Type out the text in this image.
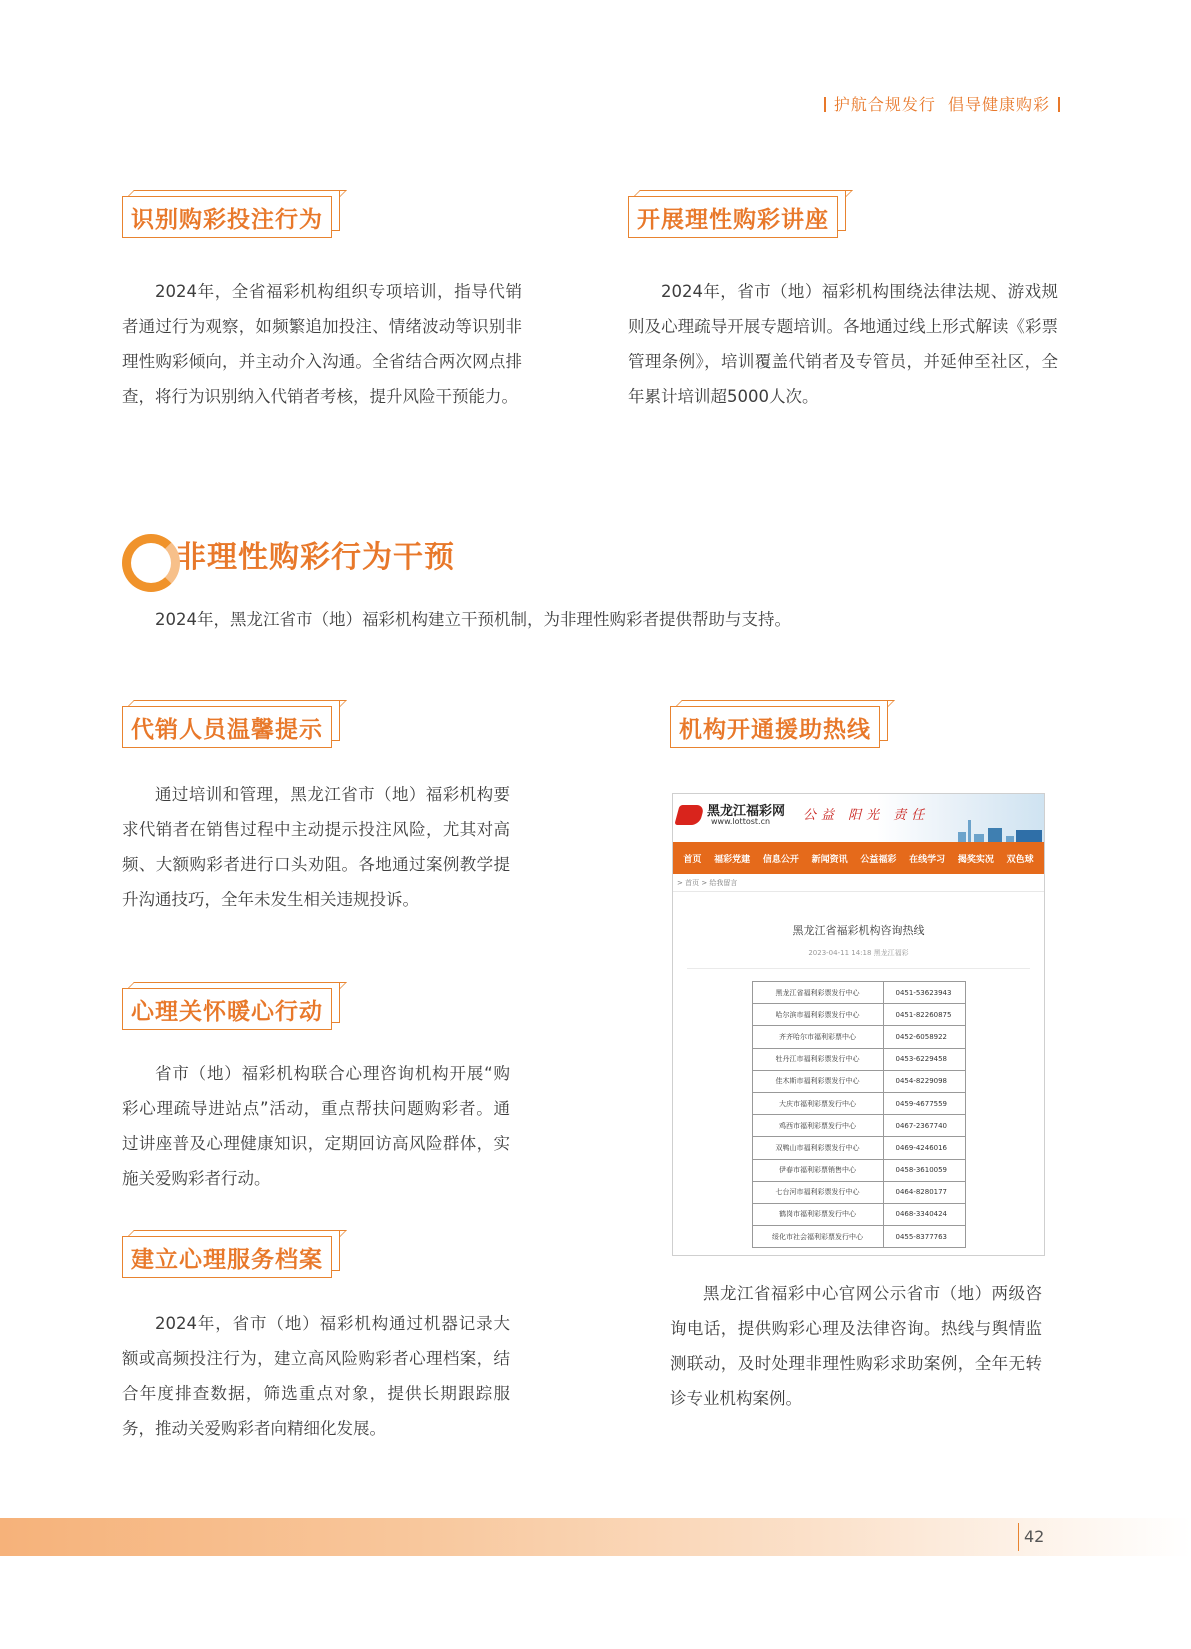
护航合规发行  倡导健康购彩
识别购彩投注行为

2024年，全省福彩机构组织专项培训，指导代销者通过行为观察，如频繁追加投注、情绪波动等识别非理性购彩倾向，并主动介入沟通。全省结合两次网点排查，将行为识别纳入代销者考核，提升风险干预能力。

开展理性购彩讲座

2024年，省市（地）福彩机构围绕法律法规、游戏规则及心理疏导开展专题培训。各地通过线上形式解读《彩票管理条例》，培训覆盖代销者及专管员，并延伸至社区，全年累计培训超5000人次。

非理性购彩行为干预

2024年，黑龙江省市（地）福彩机构建立干预机制，为非理性购彩者提供帮助与支持。

代销人员温馨提示

通过培训和管理，黑龙江省市（地）福彩机构要求代销者在销售过程中主动提示投注风险，尤其对高频、大额购彩者进行口头劝阻。各地通过案例教学提升沟通技巧，全年未发生相关违规投诉。

心理关怀暖心行动

省市（地）福彩机构联合心理咨询机构开展“购彩心理疏导进站点”活动，重点帮扶问题购彩者。通过讲座普及心理健康知识，定期回访高风险群体，实施关爱购彩者行动。

建立心理服务档案

2024年，省市（地）福彩机构通过机器记录大额或高频投注行为，建立高风险购彩者心理档案，结合年度排查数据，筛选重点对象，提供长期跟踪服务，推动关爱购彩者向精细化发展。

机构开通援助热线
黑龙江福彩网
www.lottost.cn	公益 阳光 责任
首页 福彩党建 信息公开 新闻资讯 公益福彩 在线学习 揭奖实况 双色球
> 首页 > 给我留言
黑龙江省福彩机构咨询热线
2023-04-11 14:18 黑龙江福彩
黑龙江省福利彩票发行中心	0451-53623943
哈尔滨市福利彩票发行中心	0451-82260875
齐齐哈尔市福利彩票中心	0452-6058922
牡丹江市福利彩票发行中心	0453-6229458
佳木斯市福利彩票发行中心	0454-8229098
大庆市福利彩票发行中心	0459-4677559
鸡西市福利彩票发行中心	0467-2367740
双鸭山市福利彩票发行中心	0469-4246016
伊春市福利彩票销售中心	0458-3610059
七台河市福利彩票发行中心	0464-8280177
鹤岗市福利彩票发行中心	0468-3340424
绥化市社会福利彩票发行中心	0455-8377763

黑龙江省福彩中心官网公示省市（地）两级咨询电话，提供购彩心理及法律咨询。热线与舆情监测联动，及时处理非理性购彩求助案例，全年无转诊专业机构案例。

42
